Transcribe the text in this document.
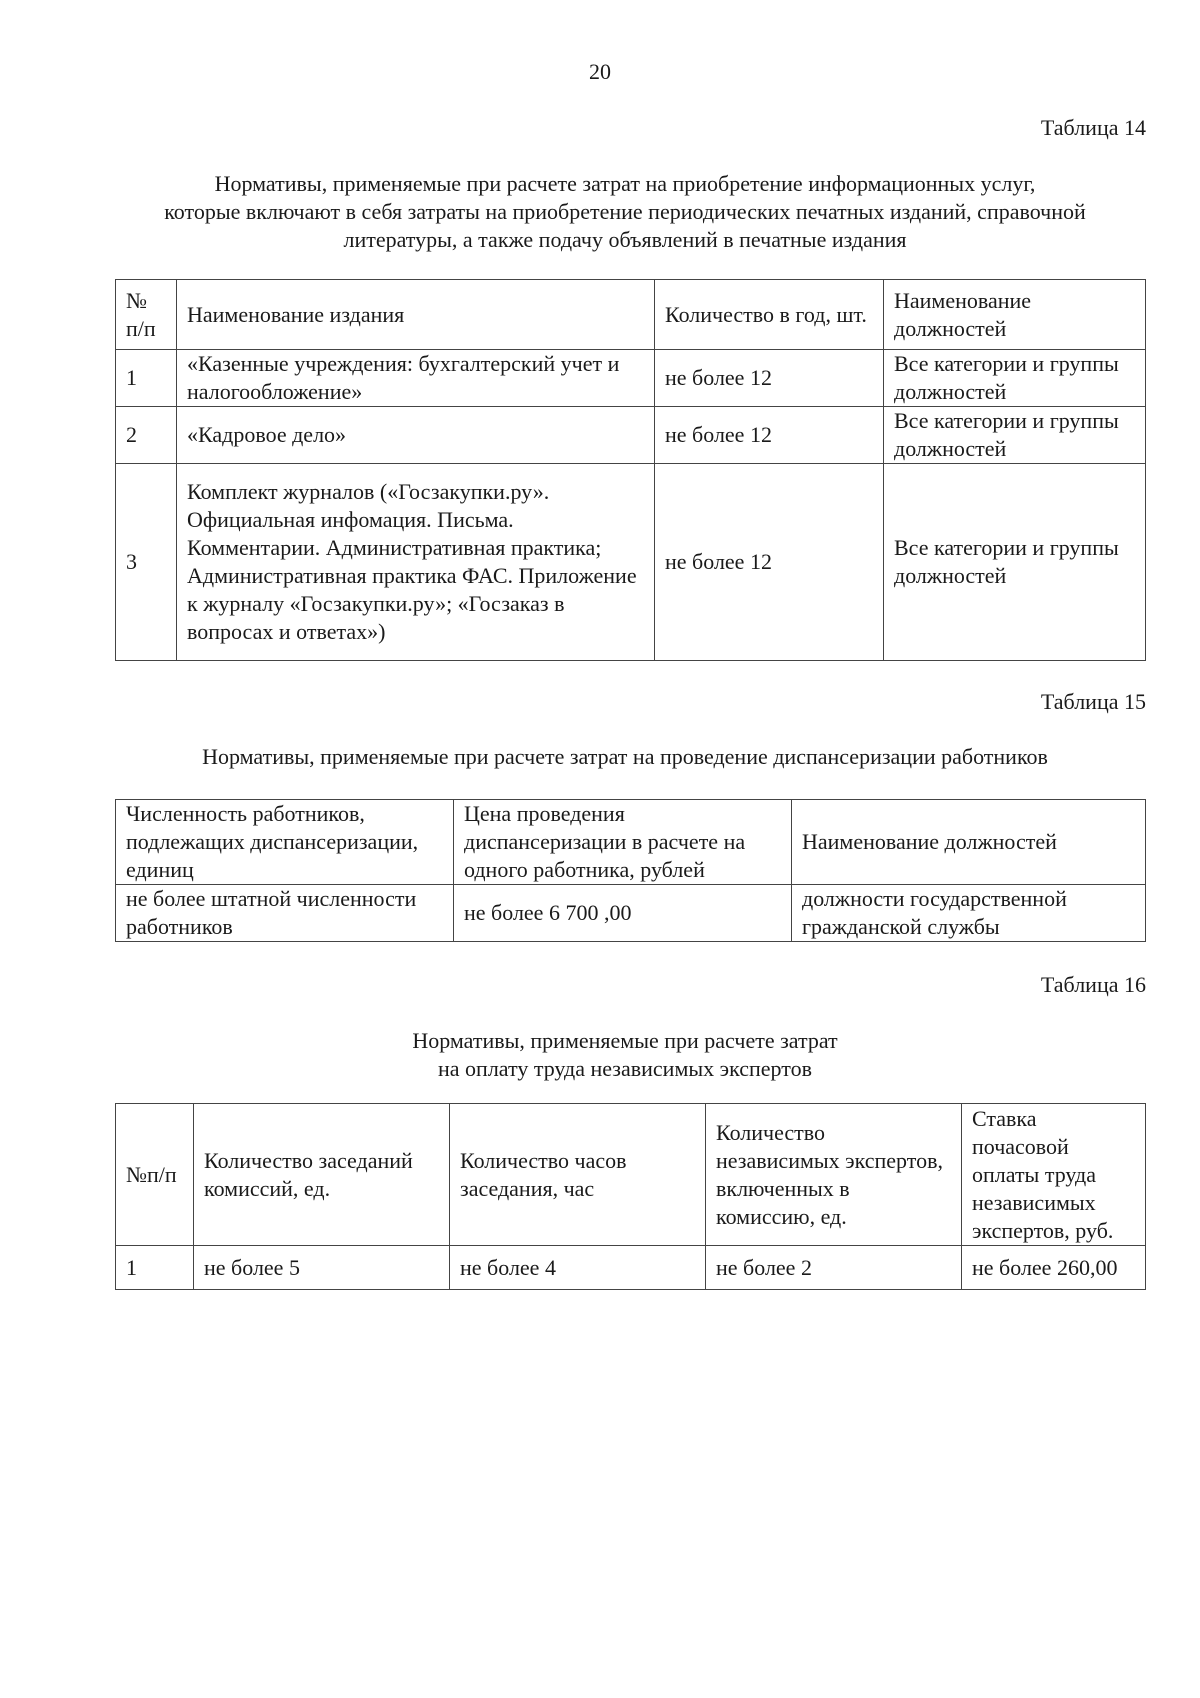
20
Таблица 14
Нормативы, применяемые при расчете затрат на приобретение информационных услуг,
которые включают в себя затраты на приобретение периодических печатных изданий, справочной
литературы, а также подачу объявлений в печатные издания
№ п/п	Наименование издания	Количество в год, шт.	Наименование должностей
1	«Казенные учреждения: бухгалтерский учет и налогообложение»	не более 12	Все категории и группы должностей
2	«Кадровое дело»	не более 12	Все категории и группы должностей
3	Комплект журналов («Госзакупки.ру». Официальная инфомация. Письма. Комментарии. Административная практика; Административная практика ФАС. Приложение к журналу «Госзакупки.ру»; «Госзаказ в вопросах и ответах»)	не более 12	Все категории и группы должностей
Таблица 15
Нормативы, применяемые при расчете затрат на проведение диспансеризации работников
Численность работников, подлежащих диспансеризации, единиц	Цена проведения диспансеризации в расчете на одного работника, рублей	Наименование должностей
не более штатной численности работников	не более 6 700 ,00	должности государственной гражданской службы
Таблица 16
Нормативы, применяемые при расчете затрат
на оплату труда независимых экспертов
№п/п	Количество заседаний комиссий, ед.	Количество часов заседания, час	Количество независимых экспертов, включенных в комиссию, ед.	Ставка почасовой оплаты труда независимых экспертов, руб.
1	не более 5	не более 4	не более 2	не более 260,00
